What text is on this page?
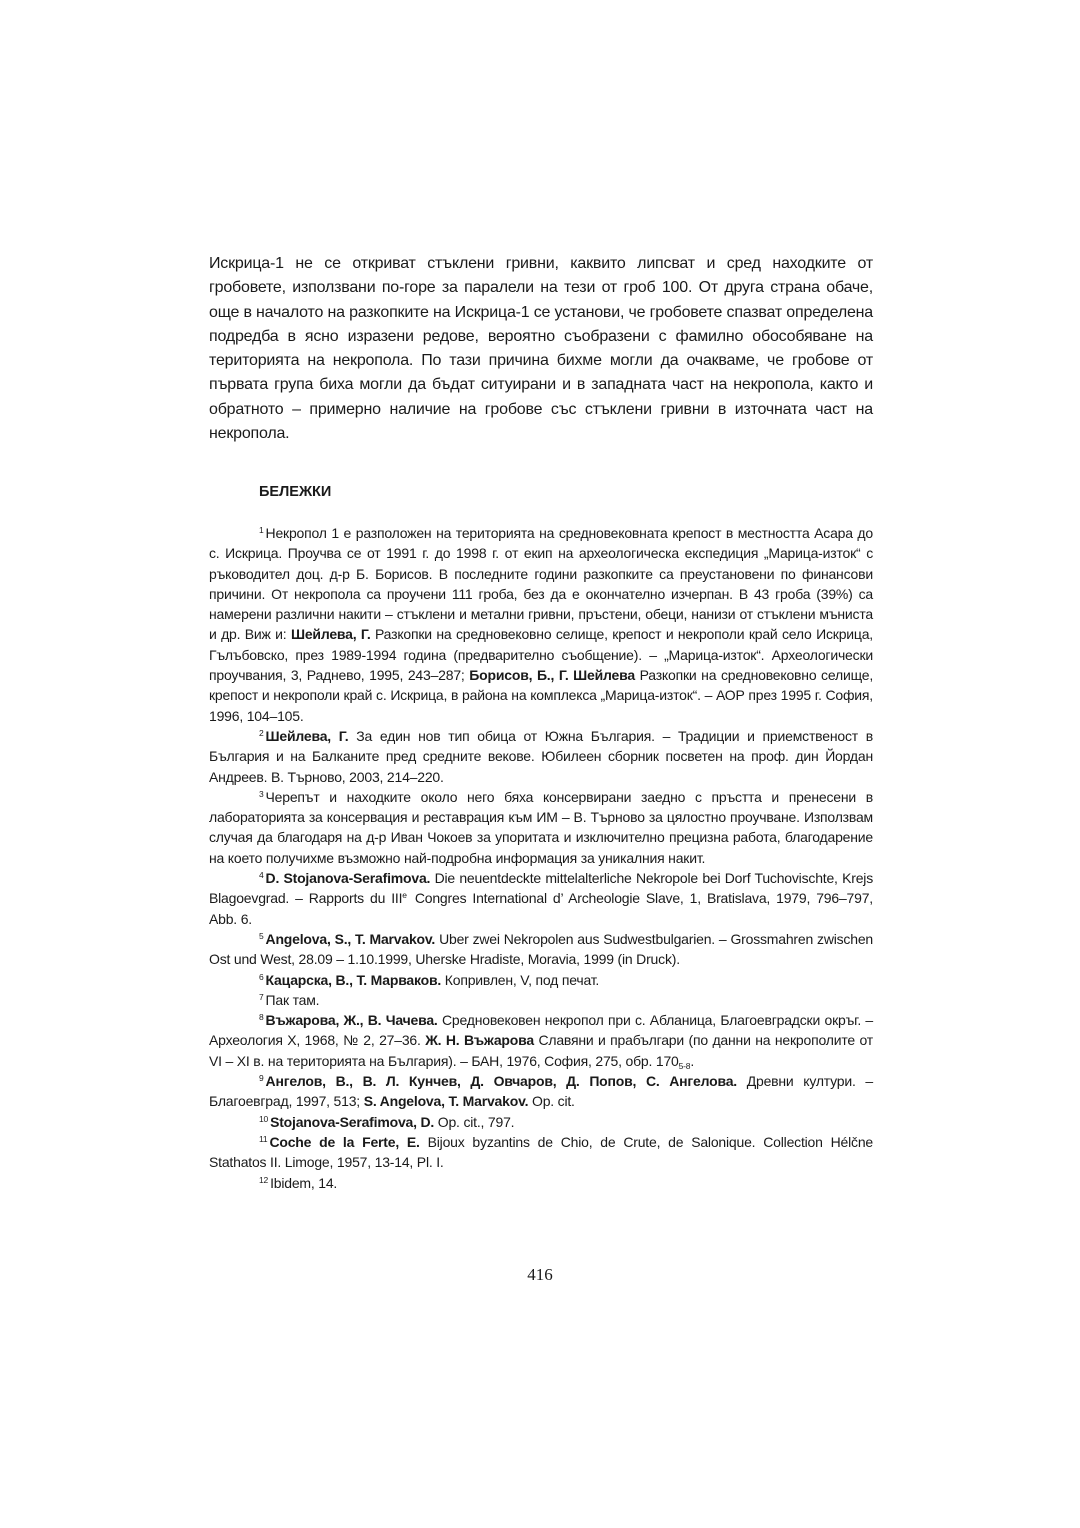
Искрица-1 не се откриват стъклени гривни, каквито липсват и сред находките от гробовете, използвани по-горе за паралели на тези от гроб 100. От друга страна обаче, още в началото на разкопките на Искрица-1 се установи, че гробовете спазват определена подредба в ясно изразени редове, вероятно съобразени с фамилно обособяване на територията на некропола. По тази причина бихме могли да очакваме, че гробове от първата група биха могли да бъдат ситуирани и в западната част на некропола, както и обратното – примерно наличие на гробове със стъклени гривни в източната част на некропола.

БЕЛЕЖКИ

$^1$ Некропол 1 е разположен на територията на средновековната крепост в местността Асара до с. Искрица. Проучва се от 1991 г. до 1998 г. от екип на археологическа експедиция „Марица-изток“ с ръководител доц. д-р Б. Борисов. В последните години разкопките са преустановени по финансови причини. От некропола са проучени 111 гроба, без да е окончателно изчерпан. В 43 гроба (39%) са намерени различни накити – стъклени и метални гривни, пръстени, обеци, нанизи от стъклени мъниста и др. Виж и: Шейлева, Г. Разкопки на средновековно селище, крепост и некрополи край село Искрица, Гълъбовско, през 1989-1994 година (предварително съобщение). – „Марица-изток“. Археологически проучвания, 3, Раднево, 1995, 243–287; Борисов, Б., Г. Шейлева Разкопки на средновековно селище, крепост и некрополи край с. Искрица, в района на комплекса „Марица-изток“. – АОР през 1995 г. София, 1996, 104–105.

$^2$ Шейлева, Г. За един нов тип обица от Южна България. – Традиции и приемственост в България и на Балканите пред средните векове. Юбилеен сборник посветен на проф. дин Йордан Андреев. В. Търново, 2003, 214–220.

$^3$ Черепът и находките около него бяха консервирани заедно с пръстта и пренесени в лабораторията за консервация и реставрация към ИМ – В. Търново за цялостно проучване. Използвам случая да благодаря на д-р Иван Чокоев за упоритата и изключително прецизна работа, благодарение на което получихме възможно най-подробна информация за уникалния накит.

$^4$ D. Stojanova-Serafimova. Die neuentdeckte mittelalterliche Nekropole bei Dorf Tuchovischte, Krejs Blagoevgrad. – Rapports du IIIe Congres International d’ Archeologie Slave, 1, Bratislava, 1979, 796–797, Abb. 6.

$^5$ Angelova, S., T. Marvakov. Uber zwei Nekropolen aus Sudwestbulgarien. – Grossmahren zwischen Ost und West, 28.09 – 1.10.1999, Uherske Hradiste, Moravia, 1999 (in Druck).

$^6$ Кацарска, В., Т. Марваков. Копривлен, V, под печат.

$^7$ Пак там.

$^8$ Въжарова, Ж., В. Чачева. Средновековен некропол при с. Абланица, Благоевградски окръг. – Археология Х, 1968, № 2, 27–36. Ж. Н. Въжарова Славяни и прабългари (по данни на некрополите от VI – XI в. на територията на България). – БАН, 1976, София, 275, обр. $170_{5-8}$.

$^9$ Ангелов, В., В. Л. Кунчев, Д. Овчаров, Д. Попов, С. Ангелова. Древни култури. – Благоевград, 1997, 513; S. Angelova, T. Marvakov. Op. cit.

$^{10}$ Stojanova-Serafimova, D. Op. cit., 797.

$^{11}$ Coche de la Ferte, E. Bijoux byzantins de Chio, de Crute, de Salonique. Collection Hélčne Stathatos II. Limoge, 1957, 13-14, Pl. I.

$^{12}$ Ibidem, 14.

416
